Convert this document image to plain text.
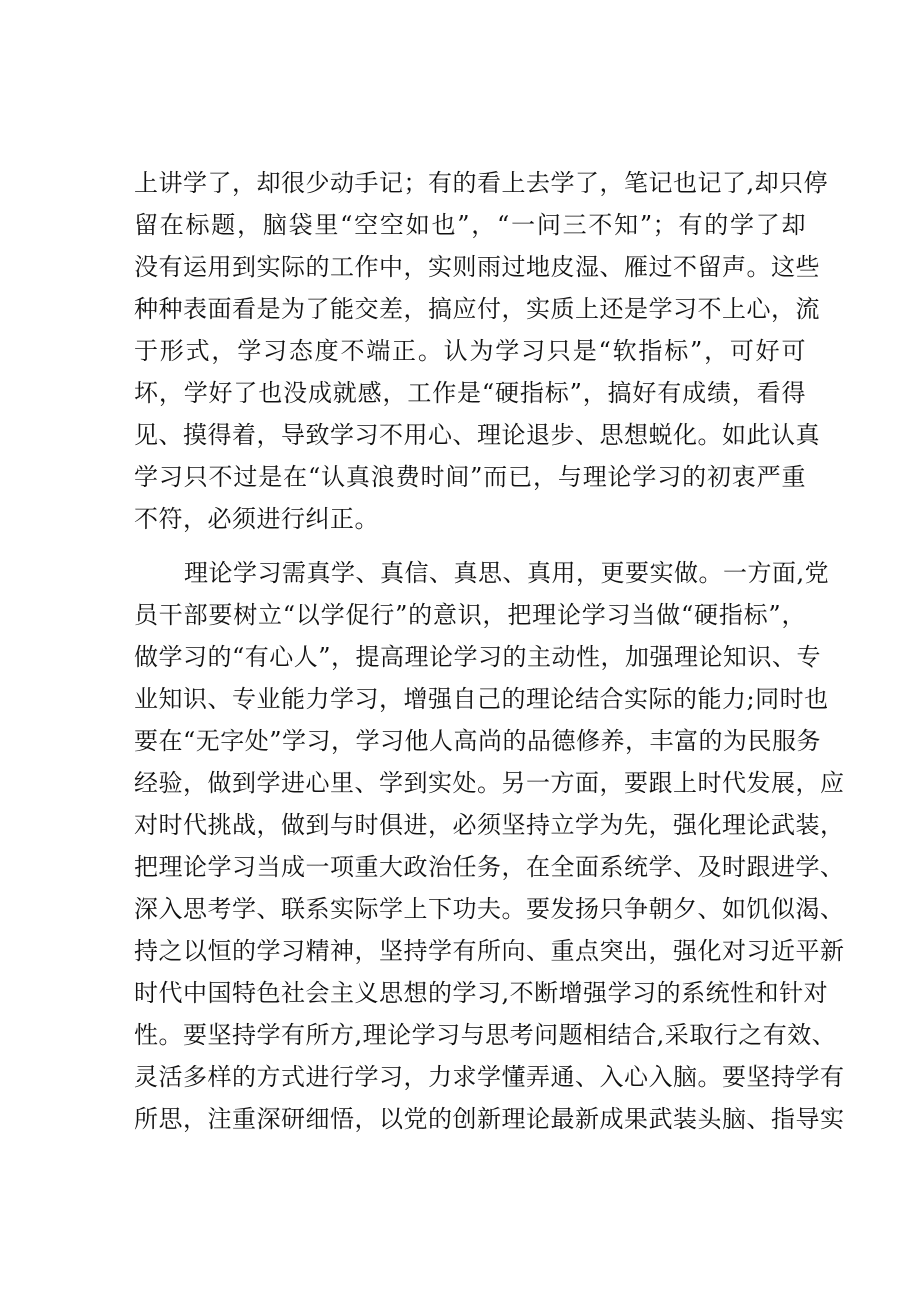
上讲学了，却很少动手记；有的看上去学了，笔记也记了,却只停
留在标题，脑袋里“空空如也”，“一问三不知”；有的学了却
没有运用到实际的工作中，实则雨过地皮湿、雁过不留声。这些
种种表面看是为了能交差，搞应付，实质上还是学习不上心，流
于形式，学习态度不端正。认为学习只是“软指标”，可好可
坏，学好了也没成就感，工作是“硬指标”，搞好有成绩，看得
见、摸得着，导致学习不用心、理论退步、思想蜕化。如此认真
学习只不过是在“认真浪费时间”而已，与理论学习的初衷严重
不符，必须进行纠正。
理论学习需真学、真信、真思、真用，更要实做。一方面,党
员干部要树立“以学促行”的意识，把理论学习当做“硬指标”，
做学习的“有心人”，提高理论学习的主动性，加强理论知识、专
业知识、专业能力学习，增强自己的理论结合实际的能力;同时也
要在“无字处”学习，学习他人高尚的品德修养，丰富的为民服务
经验，做到学进心里、学到实处。另一方面，要跟上时代发展，应
对时代挑战，做到与时俱进，必须坚持立学为先，强化理论武装，
把理论学习当成一项重大政治任务，在全面系统学、及时跟进学、
深入思考学、联系实际学上下功夫。要发扬只争朝夕、如饥似渴、
持之以恒的学习精神，坚持学有所向、重点突出，强化对习近平新
时代中国特色社会主义思想的学习,不断增强学习的系统性和针对
性。要坚持学有所方,理论学习与思考问题相结合,采取行之有效、
灵活多样的方式进行学习，力求学懂弄通、入心入脑。要坚持学有
所思，注重深研细悟，以党的创新理论最新成果武装头脑、指导实
